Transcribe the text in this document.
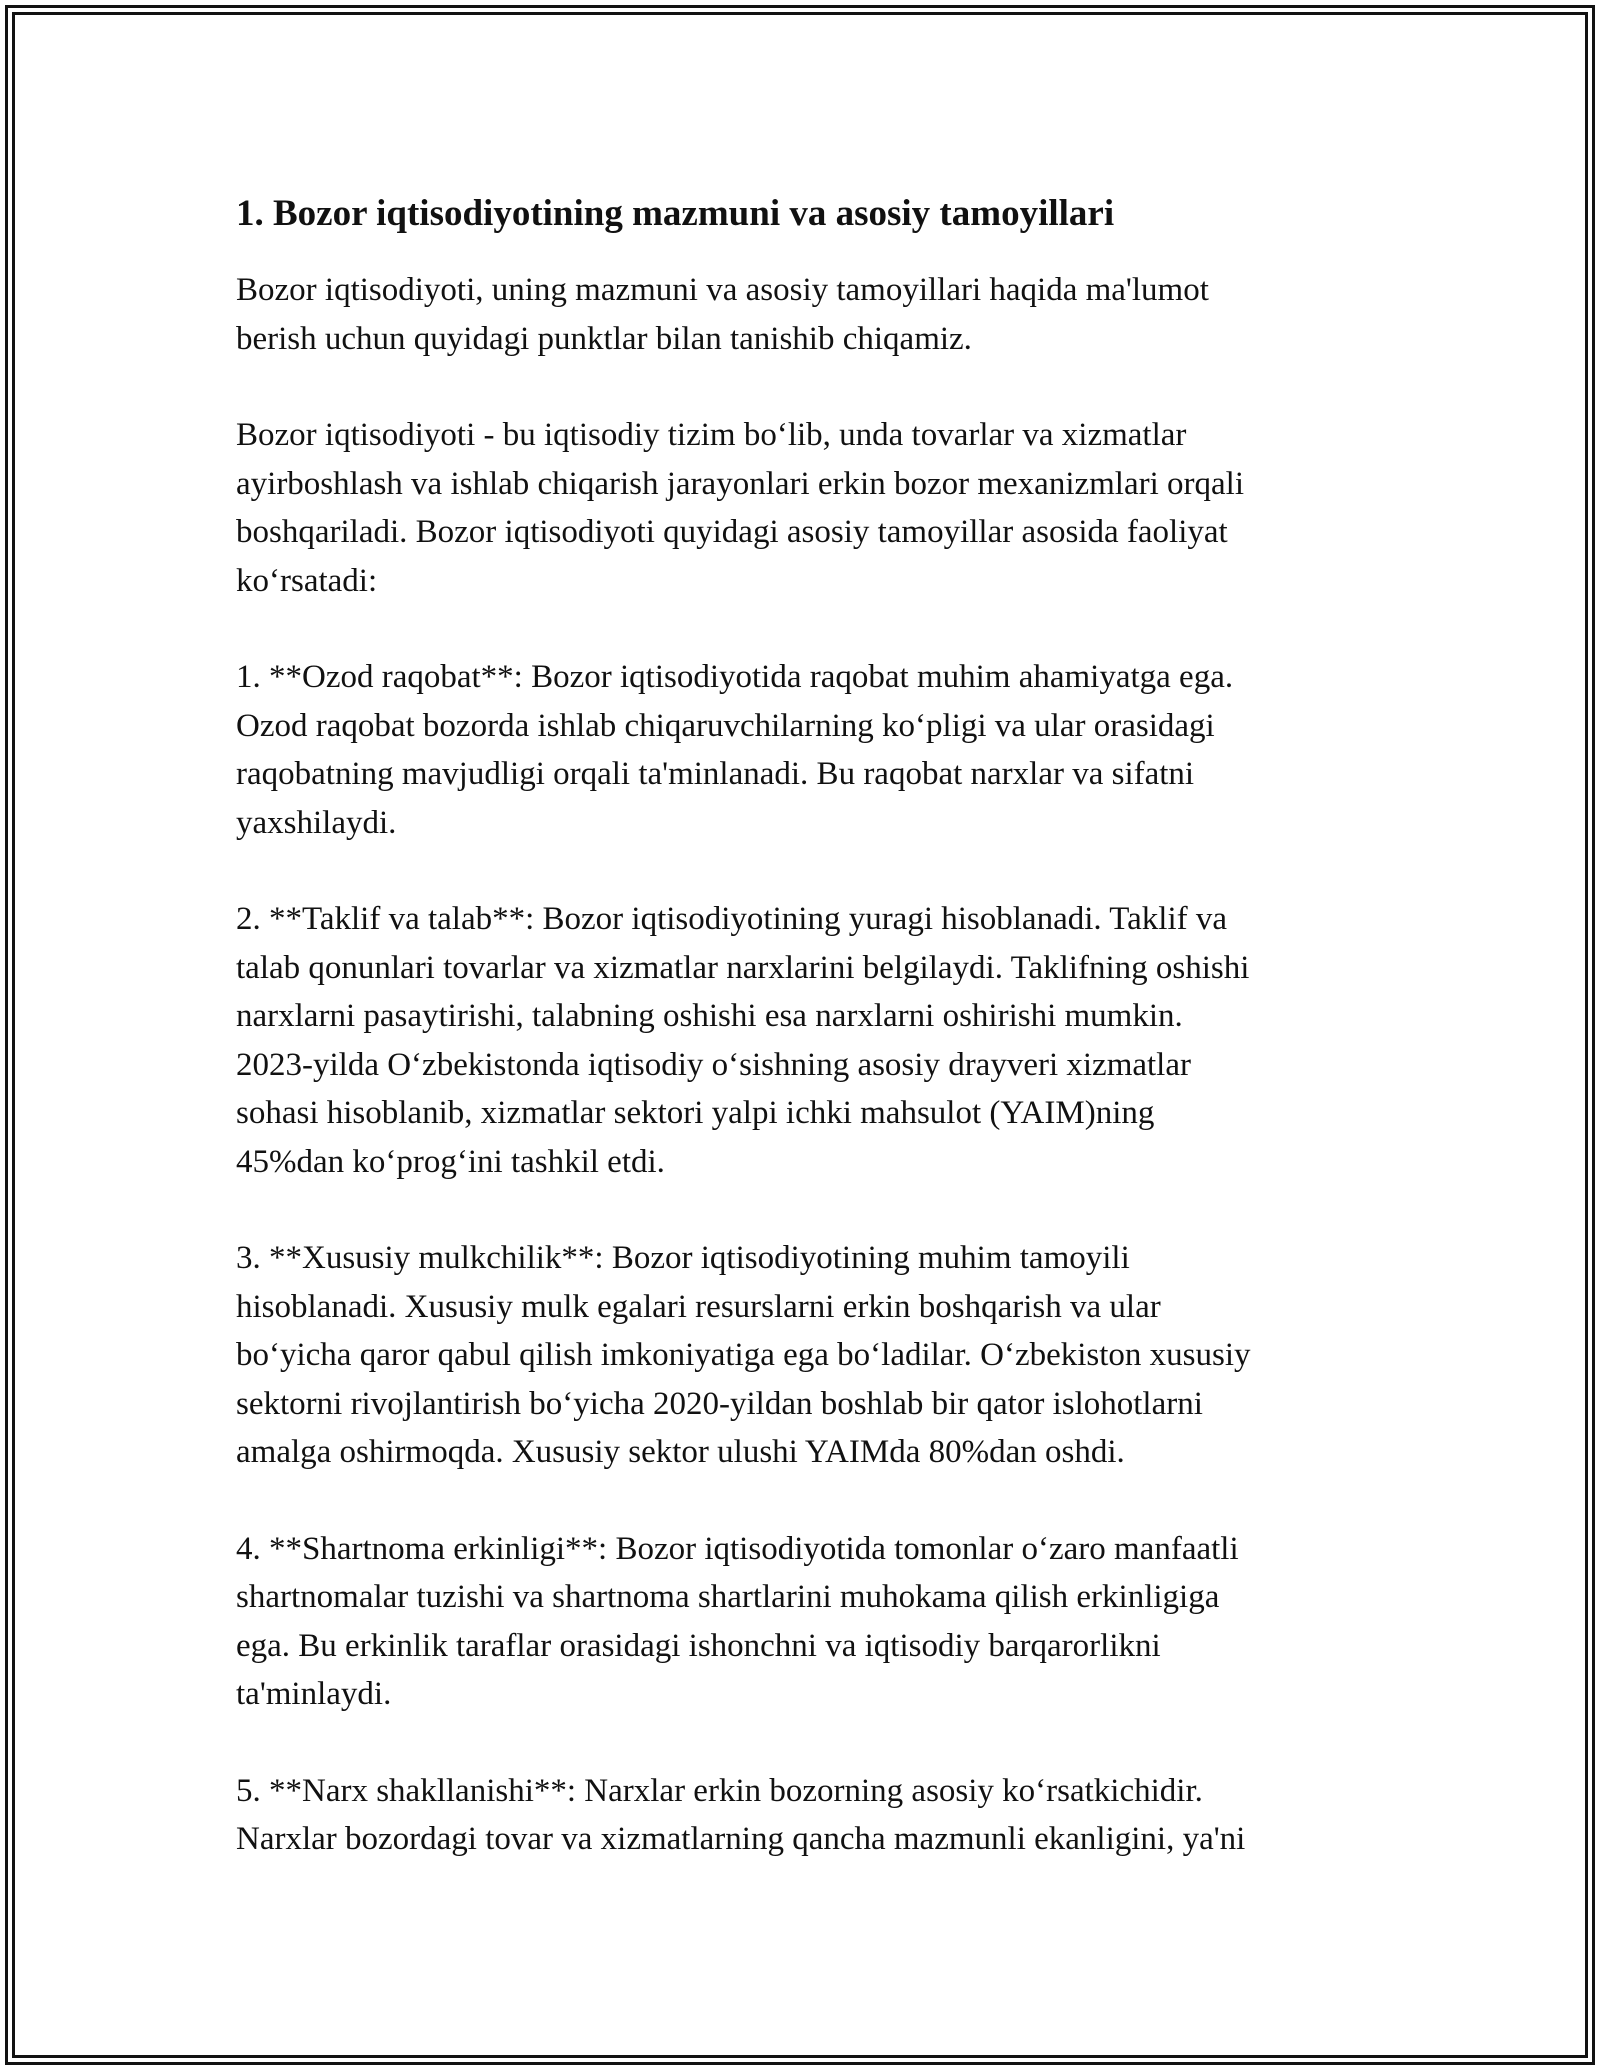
1. Bozor iqtisodiyotining mazmuni va asosiy tamoyillari

Bozor iqtisodiyoti, uning mazmuni va asosiy tamoyillari haqida ma'lumot
berish uchun quyidagi punktlar bilan tanishib chiqamiz.

Bozor iqtisodiyoti - bu iqtisodiy tizim boʻlib, unda tovarlar va xizmatlar
ayirboshlash va ishlab chiqarish jarayonlari erkin bozor mexanizmlari orqali
boshqariladi. Bozor iqtisodiyoti quyidagi asosiy tamoyillar asosida faoliyat
koʻrsatadi:

1. **Ozod raqobat**: Bozor iqtisodiyotida raqobat muhim ahamiyatga ega.
Ozod raqobat bozorda ishlab chiqaruvchilarning koʻpligi va ular orasidagi
raqobatning mavjudligi orqali ta'minlanadi. Bu raqobat narxlar va sifatni
yaxshilaydi.

2. **Taklif va talab**: Bozor iqtisodiyotining yuragi hisoblanadi. Taklif va
talab qonunlari tovarlar va xizmatlar narxlarini belgilaydi. Taklifning oshishi
narxlarni pasaytirishi, talabning oshishi esa narxlarni oshirishi mumkin.
2023-yilda Oʻzbekistonda iqtisodiy oʻsishning asosiy drayveri xizmatlar
sohasi hisoblanib, xizmatlar sektori yalpi ichki mahsulot (YAIM)ning
45%dan koʻprogʻini tashkil etdi.

3. **Xususiy mulkchilik**: Bozor iqtisodiyotining muhim tamoyili
hisoblanadi. Xususiy mulk egalari resurslarni erkin boshqarish va ular
boʻyicha qaror qabul qilish imkoniyatiga ega boʻladilar. Oʻzbekiston xususiy
sektorni rivojlantirish boʻyicha 2020-yildan boshlab bir qator islohotlarni
amalga oshirmoqda. Xususiy sektor ulushi YAIMda 80%dan oshdi.

4. **Shartnoma erkinligi**: Bozor iqtisodiyotida tomonlar oʻzaro manfaatli
shartnomalar tuzishi va shartnoma shartlarini muhokama qilish erkinligiga
ega. Bu erkinlik taraflar orasidagi ishonchni va iqtisodiy barqarorlikni
ta'minlaydi.

5. **Narx shakllanishi**: Narxlar erkin bozorning asosiy koʻrsatkichidir.
Narxlar bozordagi tovar va xizmatlarning qancha mazmunli ekanligini, ya'ni
